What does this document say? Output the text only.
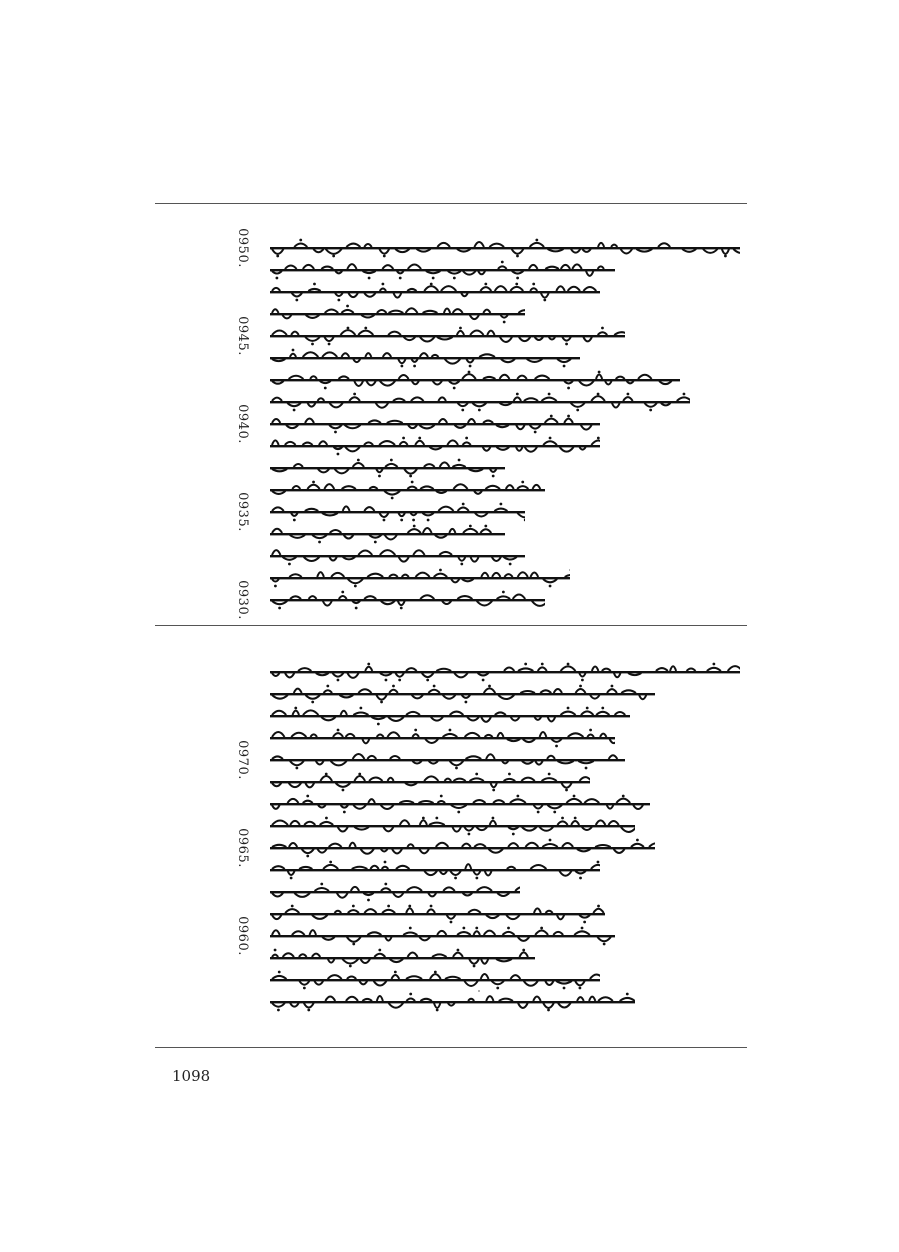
0950.
0945.
0940.
0935.
0930.
0970.
0965.
0960.
1098
